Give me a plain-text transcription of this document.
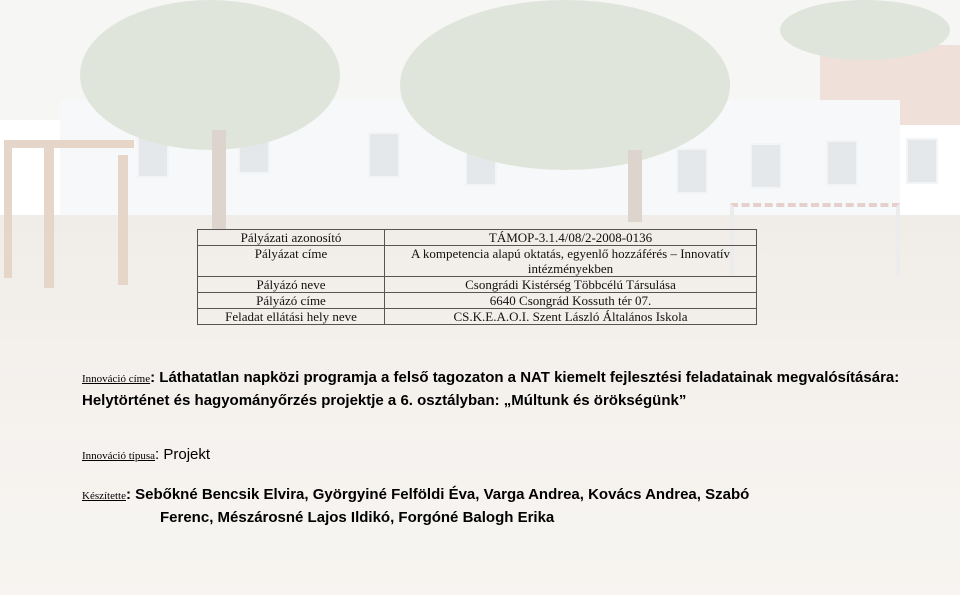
Pályázati azonosító	TÁMOP-3.1.4/08/2-2008-0136
Pályázat címe	A kompetencia alapú oktatás, egyenlő hozzáférés – Innovatív intézményekben
Pályázó neve	Csongrádi Kistérség Többcélú Társulása
Pályázó címe	6640 Csongrád Kossuth tér 07.
Feladat ellátási hely neve	CS.K.E.A.O.I. Szent László Általános Iskola
Innováció címe: Láthatatlan napközi programja a felső tagozaton a NAT kiemelt fejlesztési feladatainak megvalósítására: Helytörténet és hagyományőrzés projektje a 6. osztályban: „Múltunk és örökségünk”
Innováció típusa: Projekt
Készítette: Sebőkné Bencsik Elvira, Györgyiné Felföldi Éva, Varga Andrea, Kovács Andrea, Szabó
Ferenc, Mészárosné Lajos Ildikó, Forgóné Balogh Erika
